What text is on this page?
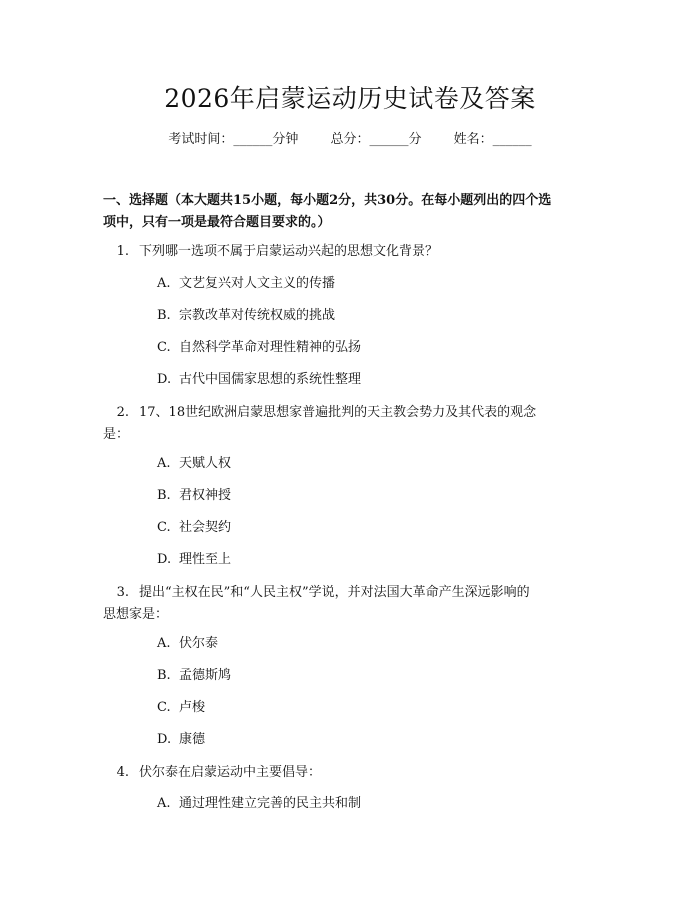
2026年启蒙运动历史试卷及答案
考试时间：______分钟 总分：______分 姓名：______
一、选择题（本大题共15小题，每小题2分，共30分。在每小题列出的四个选
项中，只有一项是最符合题目要求的。）
1. 下列哪一选项不属于启蒙运动兴起的思想文化背景？
A. 文艺复兴对人文主义的传播
B. 宗教改革对传统权威的挑战
C. 自然科学革命对理性精神的弘扬
D. 古代中国儒家思想的系统性整理
2. 17、18世纪欧洲启蒙思想家普遍批判的天主教会势力及其代表的观念
是：
A. 天赋人权
B. 君权神授
C. 社会契约
D. 理性至上
3. 提出“主权在民”和“人民主权”学说，并对法国大革命产生深远影响的
思想家是：
A. 伏尔泰
B. 孟德斯鸠
C. 卢梭
D. 康德
4. 伏尔泰在启蒙运动中主要倡导：
A. 通过理性建立完善的民主共和制
